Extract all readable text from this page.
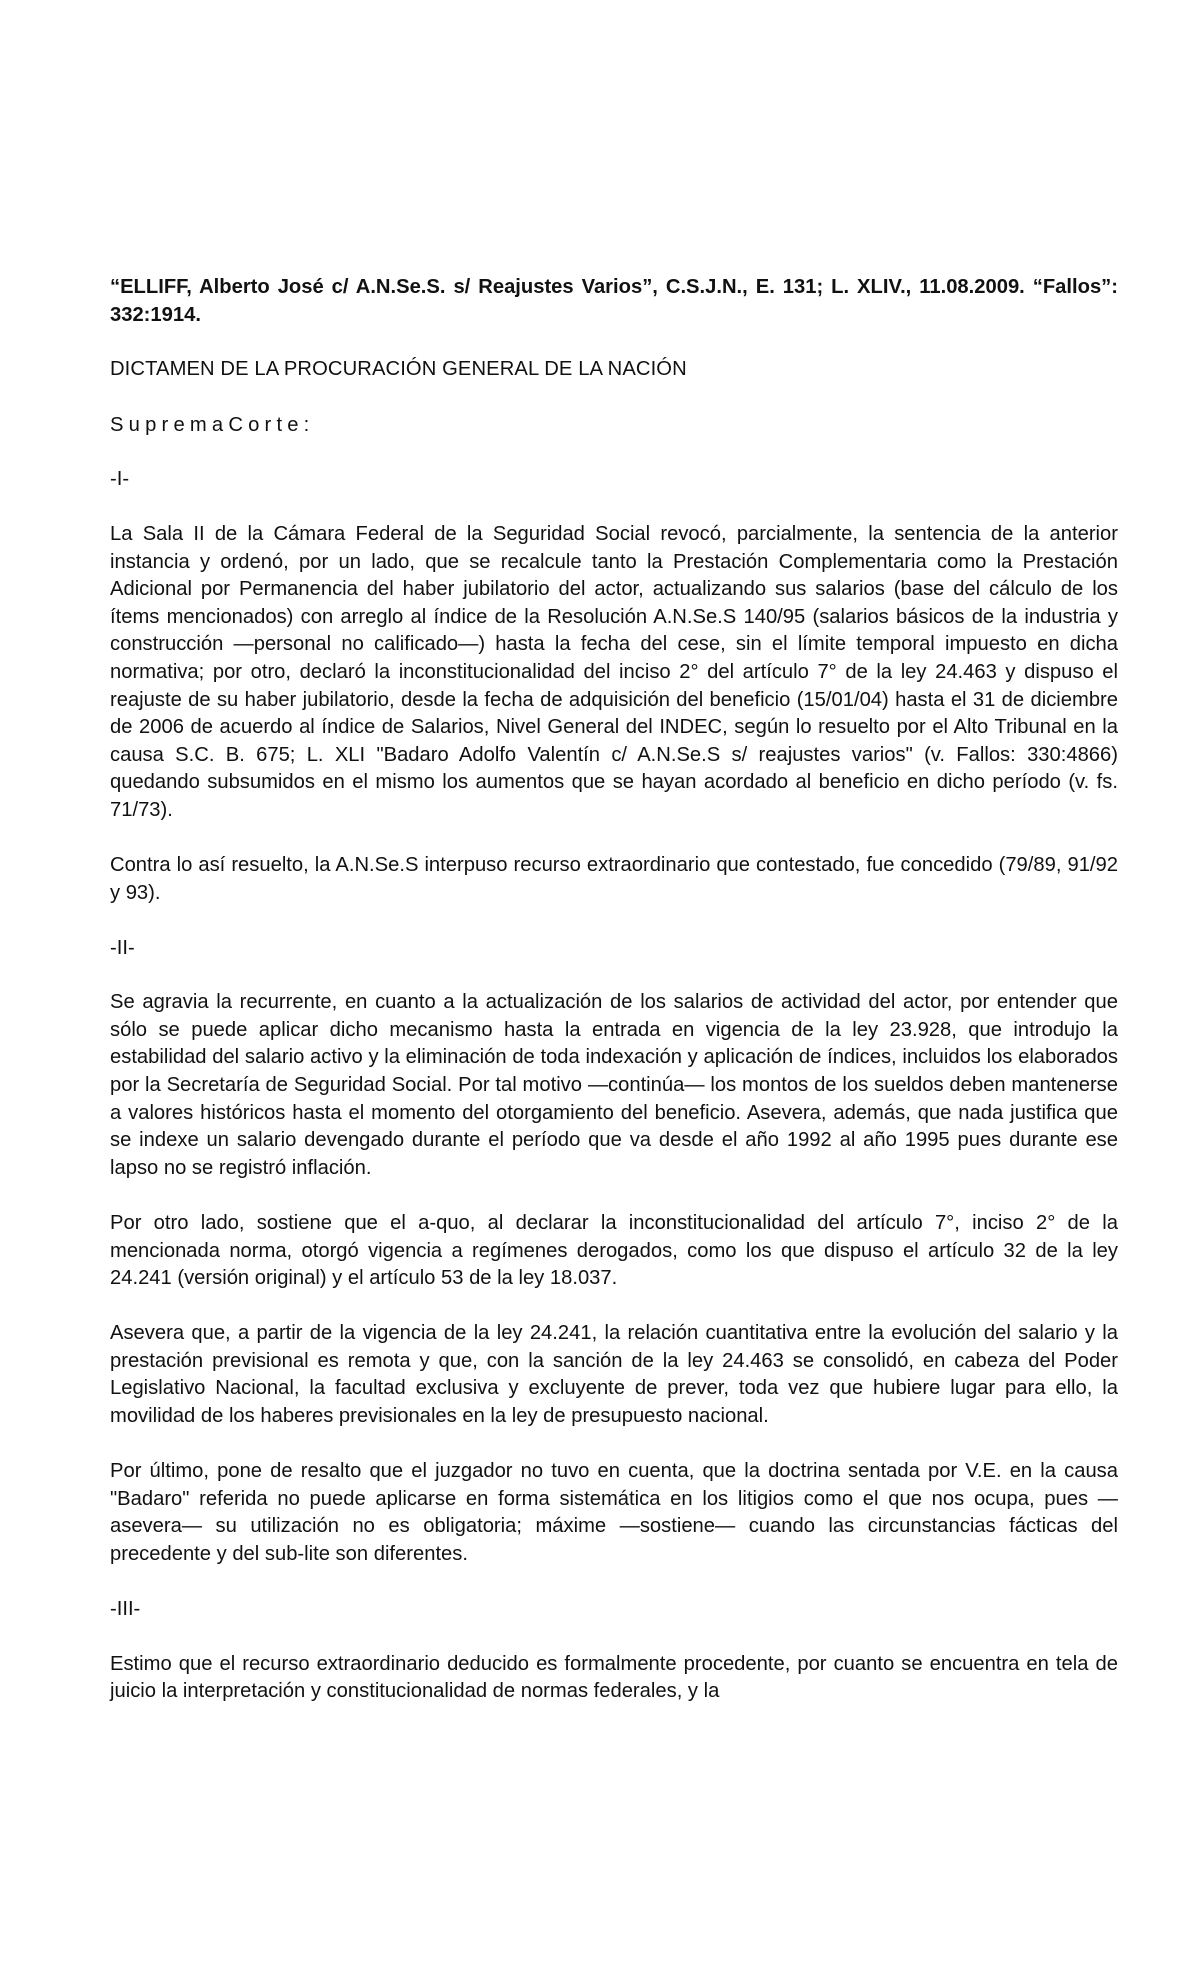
“ELLIFF, Alberto José c/ A.N.Se.S. s/ Reajustes Varios”, C.S.J.N., E. 131; L. XLIV., 11.08.2009. “Fallos”: 332:1914.
DICTAMEN DE LA PROCURACIÓN GENERAL DE LA NACIÓN
SupremaCorte:
-I-

La Sala II de la Cámara Federal de la Seguridad Social revocó, parcialmente, la sentencia de la anterior instancia y ordenó, por un lado, que se recalcule tanto la Prestación Complementaria como la Prestación Adicional por Permanencia del haber jubilatorio del actor, actualizando sus salarios (base del cálculo de los ítems mencionados) con arreglo al índice de la Resolución A.N.Se.S 140/95 (salarios básicos de la industria y construcción —personal no calificado—) hasta la fecha del cese, sin el límite temporal impuesto en dicha normativa; por otro, declaró la inconstitucionalidad del inciso 2° del artículo 7° de la ley 24.463 y dispuso el reajuste de su haber jubilatorio, desde la fecha de adquisición del beneficio (15/01/04) hasta el 31 de diciembre de 2006 de acuerdo al índice de Salarios, Nivel General del INDEC, según lo resuelto por el Alto Tribunal en la causa S.C. B. 675; L. XLI "Badaro Adolfo Valentín c/ A.N.Se.S s/ reajustes varios" (v. Fallos: 330:4866) quedando subsumidos en el mismo los aumentos que se hayan acordado al beneficio en dicho período (v. fs. 71/73).

Contra lo así resuelto, la A.N.Se.S interpuso recurso extraordinario que contestado, fue concedido (79/89, 91/92 y 93).

-II-

Se agravia la recurrente, en cuanto a la actualización de los salarios de actividad del actor, por entender que sólo se puede aplicar dicho mecanismo hasta la entrada en vigencia de la ley 23.928, que introdujo la estabilidad del salario activo y la eliminación de toda indexación y aplicación de índices, incluidos los elaborados por la Secretaría de Seguridad Social. Por tal motivo —continúa— los montos de los sueldos deben mantenerse a valores históricos hasta el momento del otorgamiento del beneficio. Asevera, además, que nada justifica que se indexe un salario devengado durante el período que va desde el año 1992 al año 1995 pues durante ese lapso no se registró inflación.

Por otro lado, sostiene que el a-quo, al declarar la inconstitucionalidad del artículo 7°, inciso 2° de la mencionada norma, otorgó vigencia a regímenes derogados, como los que dispuso el artículo 32 de la ley 24.241 (versión original) y el artículo 53 de la ley 18.037.

Asevera que, a partir de la vigencia de la ley 24.241, la relación cuantitativa entre la evolución del salario y la prestación previsional es remota y que, con la sanción de la ley 24.463 se consolidó, en cabeza del Poder Legislativo Nacional, la facultad exclusiva y excluyente de prever, toda vez que hubiere lugar para ello, la movilidad de los haberes previsionales en la ley de presupuesto nacional.

Por último, pone de resalto que el juzgador no tuvo en cuenta, que la doctrina sentada por V.E. en la causa "Badaro" referida no puede aplicarse en forma sistemática en los litigios como el que nos ocupa, pues —asevera— su utilización no es obligatoria; máxime —sostiene— cuando las circunstancias fácticas del precedente y del sub-lite son diferentes.

-III-

Estimo que el recurso extraordinario deducido es formalmente procedente, por cuanto se encuentra en tela de juicio la interpretación y constitucionalidad de normas federales, y la
